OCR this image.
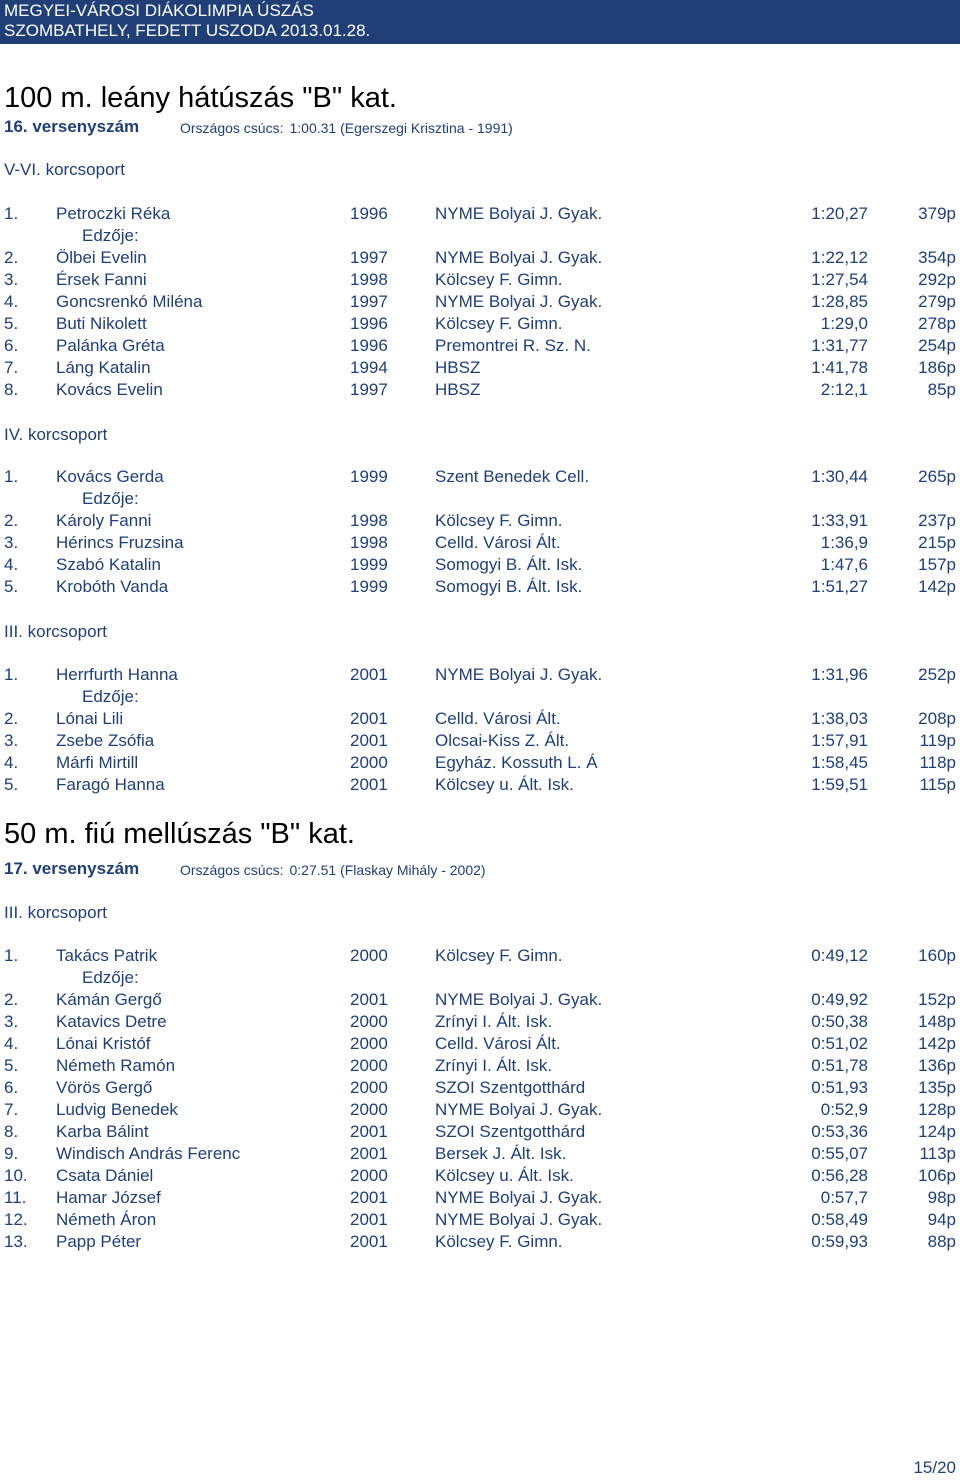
MEGYEI-VÁROSI DIÁKOLIMPIA ÚSZÁS
SZOMBATHELY, FEDETT USZODA 2013.01.28.
100 m. leány hátúszás "B" kat.
16. versenyszám	Országos csúcs: 1:00.31 (Egerszegi Krisztina - 1991)
V-VI. korcsoport
1. Petroczki Réka	1996	NYME Bolyai J. Gyak.	1:20,27	379p
Edzője:
2. Ölbei Evelin	1997	NYME Bolyai J. Gyak.	1:22,12	354p
3. Érsek Fanni	1998	Kölcsey F. Gimn.	1:27,54	292p
4. Goncsrenkó Miléna	1997	NYME Bolyai J. Gyak.	1:28,85	279p
5. Buti Nikolett	1996	Kölcsey F. Gimn.	1:29,0	278p
6. Palánka Gréta	1996	Premontrei R. Sz. N.	1:31,77	254p
7. Láng Katalin	1994	HBSZ	1:41,78	186p
8. Kovács Evelin	1997	HBSZ	2:12,1	85p
IV. korcsoport
1. Kovács Gerda	1999	Szent Benedek Cell.	1:30,44	265p
Edzője:
2. Károly Fanni	1998	Kölcsey F. Gimn.	1:33,91	237p
3. Hérincs Fruzsina	1998	Celld. Városi Ált.	1:36,9	215p
4. Szabó Katalin	1999	Somogyi B. Ált. Isk.	1:47,6	157p
5. Krobóth Vanda	1999	Somogyi B. Ált. Isk.	1:51,27	142p
III. korcsoport
1. Herrfurth Hanna	2001	NYME Bolyai J. Gyak.	1:31,96	252p
Edzője:
2. Lónai Lili	2001	Celld. Városi Ált.	1:38,03	208p
3. Zsebe Zsófia	2001	Olcsai-Kiss Z. Ált.	1:57,91	119p
4. Márfi Mirtill	2000	Egyház. Kossuth L. Á	1:58,45	118p
5. Faragó Hanna	2001	Kölcsey u. Ált. Isk.	1:59,51	115p
50 m. fiú mellúszás "B" kat.
17. versenyszám	Országos csúcs: 0:27.51 (Flaskay Mihály - 2002)
III. korcsoport
1. Takács Patrik	2000	Kölcsey F. Gimn.	0:49,12	160p
Edzője:
2. Kámán Gergő	2001	NYME Bolyai J. Gyak.	0:49,92	152p
3. Katavics Detre	2000	Zrínyi I. Ált. Isk.	0:50,38	148p
4. Lónai Kristóf	2000	Celld. Városi Ált.	0:51,02	142p
5. Németh Ramón	2000	Zrínyi I. Ált. Isk.	0:51,78	136p
6. Vörös Gergő	2000	SZOI Szentgotthárd	0:51,93	135p
7. Ludvig Benedek	2000	NYME Bolyai J. Gyak.	0:52,9	128p
8. Karba Bálint	2001	SZOI Szentgotthárd	0:53,36	124p
9. Windisch András Ferenc	2001	Bersek J. Ált. Isk.	0:55,07	113p
10. Csata Dániel	2000	Kölcsey u. Ált. Isk.	0:56,28	106p
11. Hamar József	2001	NYME Bolyai J. Gyak.	0:57,7	98p
12. Németh Áron	2001	NYME Bolyai J. Gyak.	0:58,49	94p
13. Papp Péter	2001	Kölcsey F. Gimn.	0:59,93	88p
15/20
